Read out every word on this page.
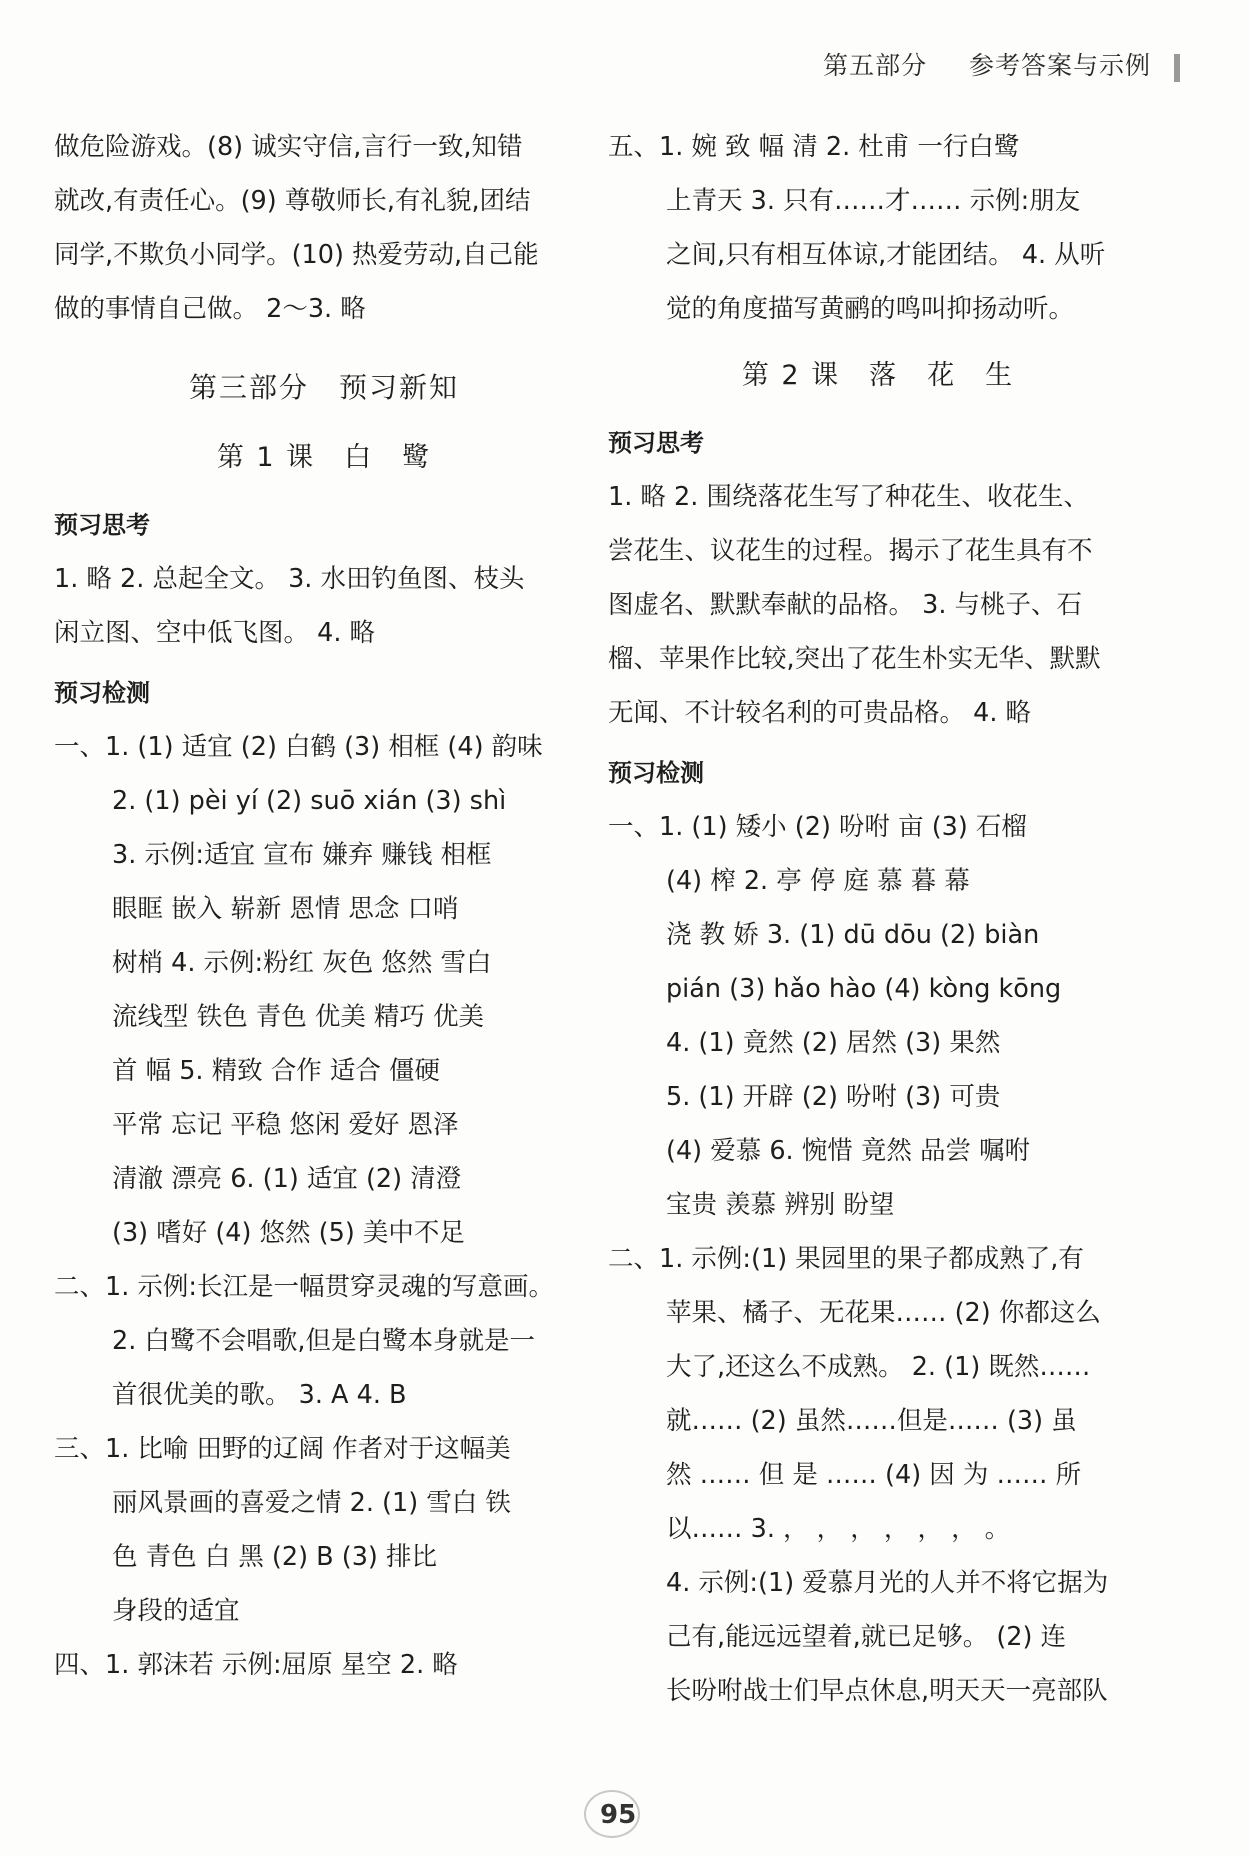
第五部分 参考答案与示例

做危险游戏。(8) 诚实守信,言行一致,知错

就改,有责任心。(9) 尊敬师长,有礼貌,团结

同学,不欺负小同学。(10) 热爱劳动,自己能

做的事情自己做。 2～3. 略

第三部分　预习新知
第 1 课　白　鹭
预习思考

1. 略 2. 总起全文。 3. 水田钓鱼图、枝头

闲立图、空中低飞图。 4. 略

预习检测

一、1. (1) 适宜 (2) 白鹤 (3) 相框 (4) 韵味

2. (1) pèi yí (2) suō xián (3) shì

3. 示例:适宜 宣布 嫌弃 赚钱 相框

眼眶 嵌入 崭新 恩情 思念 口哨

树梢 4. 示例:粉红 灰色 悠然 雪白

流线型 铁色 青色 优美 精巧 优美

首 幅 5. 精致 合作 适合 僵硬

平常 忘记 平稳 悠闲 爱好 恩泽

清澈 漂亮 6. (1) 适宜 (2) 清澄

(3) 嗜好 (4) 悠然 (5) 美中不足

二、1. 示例:长江是一幅贯穿灵魂的写意画。

2. 白鹭不会唱歌,但是白鹭本身就是一

首很优美的歌。 3. A 4. B

三、1. 比喻 田野的辽阔 作者对于这幅美

丽风景画的喜爱之情 2. (1) 雪白 铁

色 青色 白 黑 (2) B (3) 排比

身段的适宜

四、1. 郭沫若 示例:屈原 星空 2. 略

五、1. 婉 致 幅 清 2. 杜甫 一行白鹭

上青天 3. 只有……才…… 示例:朋友

之间,只有相互体谅,才能团结。 4. 从听

觉的角度描写黄鹂的鸣叫抑扬动听。

第 2 课　落　花　生
预习思考

1. 略 2. 围绕落花生写了种花生、收花生、

尝花生、议花生的过程。揭示了花生具有不

图虚名、默默奉献的品格。 3. 与桃子、石

榴、苹果作比较,突出了花生朴实无华、默默

无闻、不计较名利的可贵品格。 4. 略

预习检测

一、1. (1) 矮小 (2) 吩咐 亩 (3) 石榴

(4) 榨 2. 亭 停 庭 慕 暮 幕

浇 教 娇 3. (1) dū dōu (2) biàn

pián (3) hǎo hào (4) kòng kōng

4. (1) 竟然 (2) 居然 (3) 果然

5. (1) 开辟 (2) 吩咐 (3) 可贵

(4) 爱慕 6. 惋惜 竟然 品尝 嘱咐

宝贵 羡慕 辨别 盼望

二、1. 示例:(1) 果园里的果子都成熟了,有

苹果、橘子、无花果…… (2) 你都这么

大了,还这么不成熟。 2. (1) 既然……

就…… (2) 虽然……但是…… (3) 虽

然 …… 但 是 …… (4) 因 为 …… 所

以…… 3. ， ， ， ， ， ， 。

4. 示例:(1) 爱慕月光的人并不将它据为

己有,能远远望着,就已足够。 (2) 连

长吩咐战士们早点休息,明天天一亮部队

95
